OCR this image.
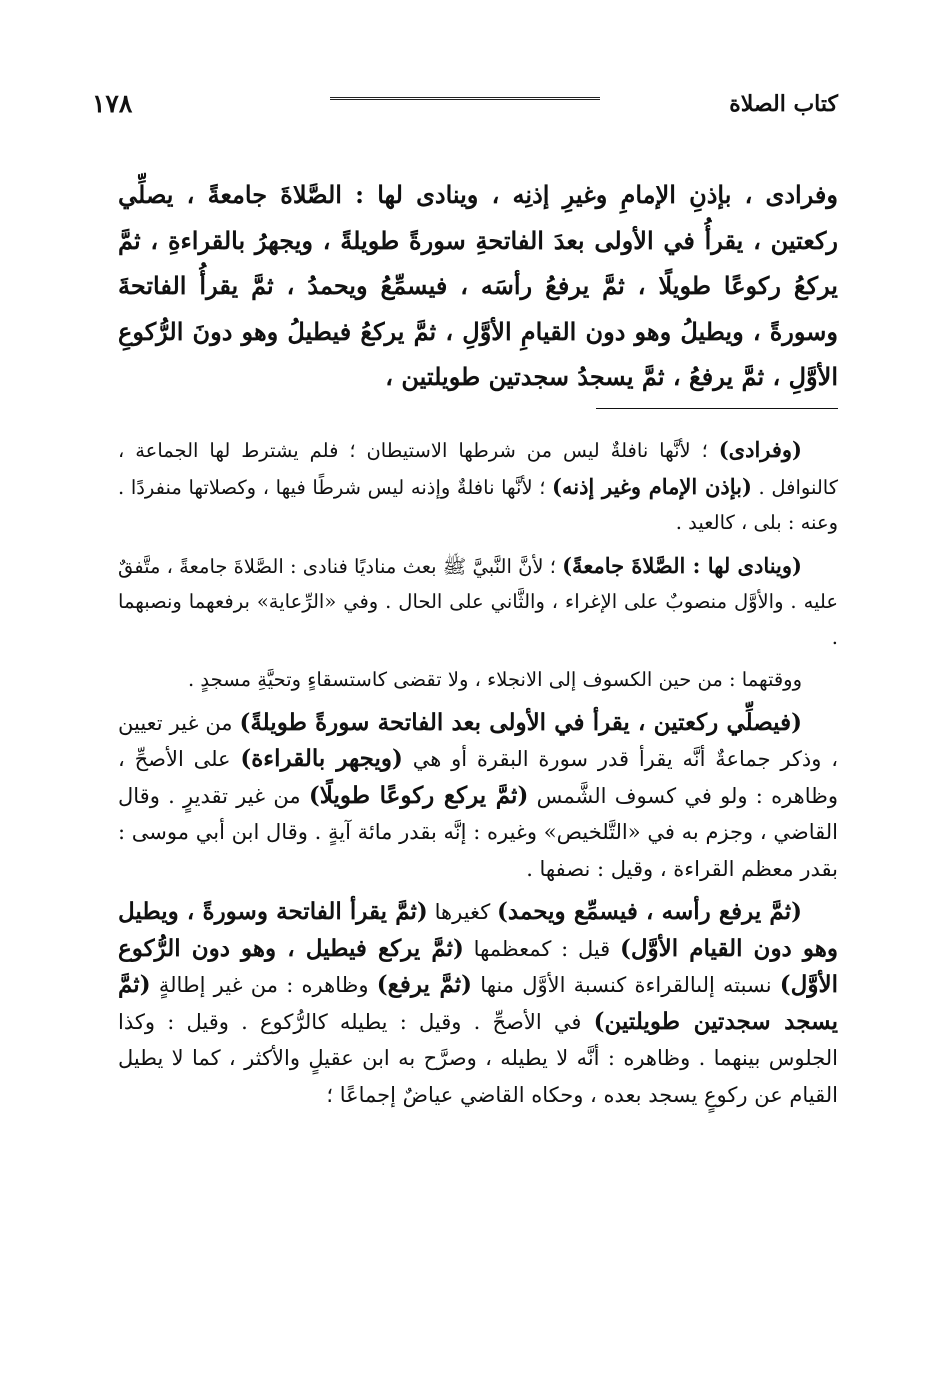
١٧٨	كتاب الصلاة

وفرادى ، بإذنِ الإمامِ وغيرِ إذنِه ، وينادى لها : الصَّلاةَ جامعةً ، يصلِّي ركعتين ، يقرأُ في الأولى بعدَ الفاتحةِ سورةً طويلةً ، ويجهرُ بالقراءةِ ، ثمَّ يركعُ ركوعًا طويلًا ، ثمَّ يرفعُ رأسَه ، فيسمِّعُ ويحمدُ ، ثمَّ يقرأُ الفاتحةَ وسورةً ، ويطيلُ وهو دون القيامِ الأوَّلِ ، ثمَّ يركعُ فيطيلُ وهو دونَ الرُّكوعِ الأوَّلِ ، ثمَّ يرفعُ ، ثمَّ يسجدُ سجدتين طويلتين ،

(وفرادى) ؛ لأنَّها نافلةٌ ليس من شرطها الاستيطان ؛ فلم يشترط لها الجماعة ، كالنوافل . (بإذن الإمام وغير إذنه) ؛ لأنَّها نافلةٌ وإذنه ليس شرطًا فيها ، وكصلاتها منفردًا . وعنه : بلى ، كالعيد .

(وينادى لها : الصَّلاةَ جامعةً) ؛ لأنَّ النَّبيَّ ﷺ بعث مناديًا فنادى : الصَّلاةَ جامعةً ، متَّفقٌ عليه . والأوَّل منصوبٌ على الإغراء ، والثَّاني على الحال . وفي «الرِّعاية» برفعهما ونصبهما .

ووقتهما : من حين الكسوف إلى الانجلاء ، ولا تقضى كاستسقاءٍ وتحيَّةِ مسجدٍ .

(فيصلِّي ركعتين ، يقرأ في الأولى بعد الفاتحة سورةً طويلةً) من غير تعيين ، وذكر جماعةٌ أنَّه يقرأ قدر سورة البقرة أو هي (ويجهر بالقراءة) على الأصحِّ ، وظاهره : ولو في كسوف الشَّمس (ثمَّ يركع ركوعًا طويلًا) من غير تقديرٍ . وقال القاضي ، وجزم به في «التَّلخيص» وغيره : إنَّه بقدر مائة آيةٍ . وقال ابن أبي موسى : بقدر معظم القراءة ، وقيل : نصفها .

(ثمَّ يرفع رأسه ، فيسمِّع ويحمد) كغيرها (ثمَّ يقرأ الفاتحة وسورةً ، ويطيل وهو دون القيام الأوَّل) قيل : كمعظمها (ثمَّ يركع فيطيل ، وهو دون الرُّكوع الأوَّل) نسبته إلىالقراءة كنسبة الأوَّل منها (ثمَّ يرفع) وظاهره : من غير إطالةٍ (ثمَّ يسجد سجدتين طويلتين) في الأصحِّ . وقيل : يطيله كالرُّكوع . وقيل : وكذا الجلوس بينهما . وظاهره : أنَّه لا يطيله ، وصرَّح به ابن عقيلٍ والأكثر ، كما لا يطيل القيام عن ركوعٍ يسجد بعده ، وحكاه القاضي عياضٌ إجماعًا ؛
